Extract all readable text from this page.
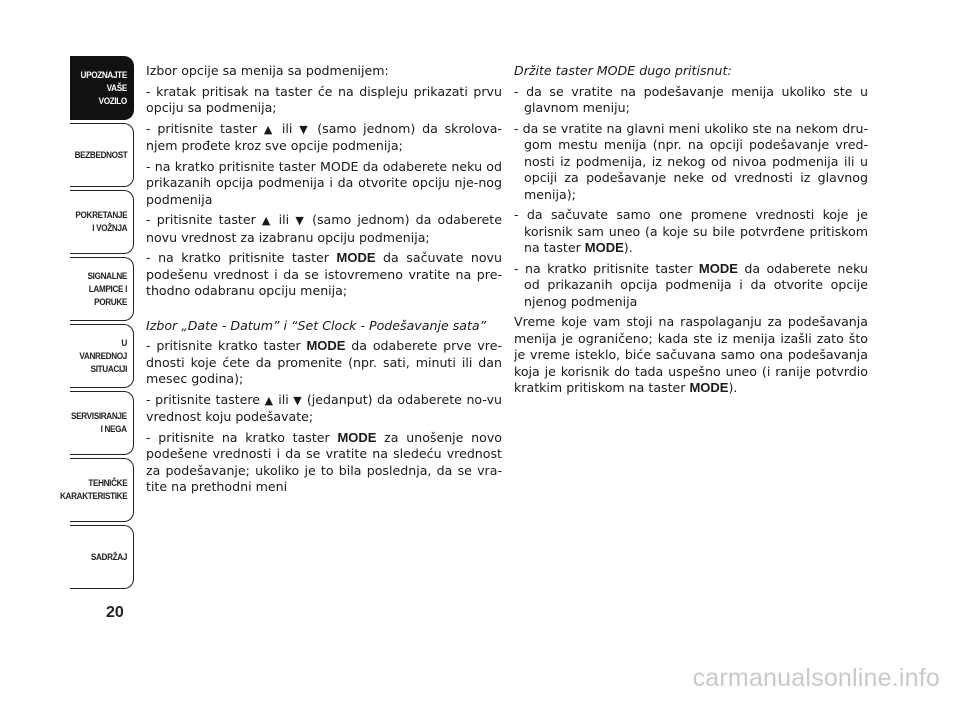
UPOZNAJTE
VAŠE
VOZILO
BEZBEDNOST
POKRETANJE
I VOŽNJA
SIGNALNE
LAMPICE I PORUKE
U VANREDNOJ
SITUACIJI
SERVISIRANJE
I NEGA
TEHNIČKE
KARAKTERISTIKE
SADRŽAJ
20

Izbor opcije sa menija sa podmenijem:

- kratak pritisak na taster će na displeju prikazati prvu opciju sa podmenija;

- pritisnite taster ▲ ili ▼ (samo jednom) da skrolova-njem prođete kroz sve opcije podmenija;

- na kratko pritisnite taster MODE da odaberete neku od prikazanih opcija podmenija i da otvorite opciju nje-nog podmenija

- pritisnite taster ▲ ili ▼ (samo jednom) da odaberete novu vrednost za izabranu opciju podmenija;

- na kratko pritisnite taster MODE da sačuvate novu podešenu vrednost i da se istovremeno vratite na pre-thodno odabranu opciju menija;

Izbor „Date - Datum” i “Set Clock - Podešavanje sata”

- pritisnite kratko taster MODE da odaberete prve vre-dnosti koje ćete da promenite (npr. sati, minuti ili dan mesec godina);

- pritisnite tastere ▲ ili ▼ (jedanput) da odaberete no-vu vrednost koju podešavate;

- pritisnite na kratko taster MODE za unošenje novo podešene vrednosti i da se vratite na sledeću vrednost za podešavanje; ukoliko je to bila poslednja, da se vra-tite na prethodni meni

Držite taster MODE dugo pritisnut:

- da se vratite na podešavanje menija ukoliko ste u glavnom meniju;

- da se vratite na glavni meni ukoliko ste na nekom dru-gom mestu menija (npr. na opciji podešavanje vred-nosti iz podmenija, iz nekog od nivoa podmenija ili u opciji za podešavanje neke od vrednosti iz glavnog menija);

- da sačuvate samo one promene vrednosti koje je korisnik sam uneo (a koje su bile potvrđene pritiskom na taster MODE).

- na kratko pritisnite taster MODE da odaberete neku od prikazanih opcija podmenija i da otvorite opcije njenog podmenija

Vreme koje vam stoji na raspolaganju za podešavanja menija je ograničeno; kada ste iz menija izašli zato što je vreme isteklo, biće sačuvana samo ona podešavanja koja je korisnik do tada uspešno uneo (i ranije potvrdio kratkim pritiskom na taster MODE).

carmanualsonline.info
